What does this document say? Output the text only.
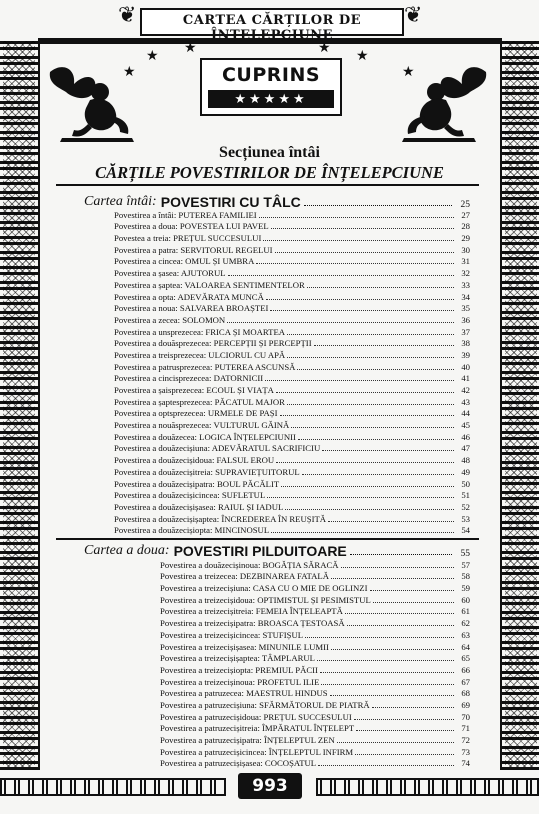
❦	CARTEA CĂRȚILOR DE ÎNȚELEPCIUNE
❦
★
★
★	★
★
★
CUPRINS
★★★★★
Secțiunea întâi
CĂRȚILE POVESTIRILOR DE ÎNȚELEPCIUNE
Cartea întâi: POVESTIRI CU TÂLC	25
Povestirea a întâi: PUTEREA FAMILIEI	27
Povestirea a doua: POVESTEA LUI PAVEL	28
Povestea a treia: PREȚUL SUCCESULUI	29
Povestirea a patra: SERVITORUL REGELUI	30
Povestirea a cincea: OMUL ȘI UMBRA	31
Povestirea a șasea: AJUTORUL	32
Povestirea a șaptea: VALOAREA SENTIMENTELOR	33
Povestirea a opta: ADEVĂRATA MUNCĂ	34
Povestirea a noua: SALVAREA BROAȘTEI	35
Povestirea a zecea: SOLOMON	36
Povestirea a unsprezecea: FRICA ȘI MOARTEA	37
Povestirea a douăsprezecea: PERCEPȚII ȘI PERCEPȚII	38
Povestirea a treisprezecea: ULCIORUL CU APĂ	39
Povestirea a patrusprezecea: PUTEREA ASCUNSĂ	40
Povestirea a cincisprezecea: DATORNICII	41
Povestirea a șaisprezecea: ECOUL ȘI VIAȚA	42
Povestirea a șaptesprezecea: PĂCATUL MAJOR	43
Povestirea a optsprezecea: URMELE DE PAȘI	44
Povestirea a nouăsprezecea: VULTURUL GĂINĂ	45
Povestirea a douăzecea: LOGICA ÎNȚELEPCIUNII	46
Povestirea a douăzecișiuna: ADEVĂRATUL SACRIFICIU	47
Povestirea a douăzecișidoua: FALSUL EROU	48
Povestirea a douăzecișitreia: SUPRAVIEȚUITORUL	49
Povestirea a douăzecișipatra: BOUL PĂCĂLIT	50
Povestirea a douăzecișicincea: SUFLETUL	51
Povestirea a douăzecișișasea: RAIUL ȘI IADUL	52
Povestirea a douăzecișișaptea: ÎNCREDEREA ÎN REUȘITĂ	53
Povestirea a douăzecișiopta: MINCINOSUL	54
Cartea a doua: POVESTIRI PILDUITOARE	55
Povestirea a douăzecișinoua: BOGĂȚIA SĂRACĂ	57
Povestirea a treizecea: DEZBINAREA FATALĂ	58
Povestirea a treizecișiuna: CASA CU O MIE DE OGLINZI	59
Povestirea a treizecișidoua: OPTIMISTUL ȘI PESIMISTUL	60
Povestirea a treizecișitreia: FEMEIA ÎNȚELEAPTĂ	61
Povestirea a treizecișipatra: BROASCA ȚESTOASĂ	62
Povestirea a treizecișicincea: STUFIȘUL	63
Povestirea a treizecișișasea: MINUNILE LUMII	64
Povestirea a treizecișișaptea: TÂMPLARUL	65
Povestirea a treizecișiopta: PREMIUL PĂCII	66
Povestirea a treizecișinoua: PROFETUL ILIE	67
Povestirea a patruzecea: MAESTRUL HINDUS	68
Povestirea a patruzecișiuna: SFĂRMĂTORUL DE PIATRĂ	69
Povestirea a patruzecișidoua: PREȚUL SUCCESULUI	70
Povestirea a patruzecișitreia: ÎMPĂRATUL ÎNȚELEPT	71
Povestirea a patruzecișipatra: ÎNȚELEPTUL ZEN	72
Povestirea a patruzecișicincea: ÎNȚELEPTUL INFIRM	73
Povestirea a patruzecișișasea: COCOȘATUL	74
993
